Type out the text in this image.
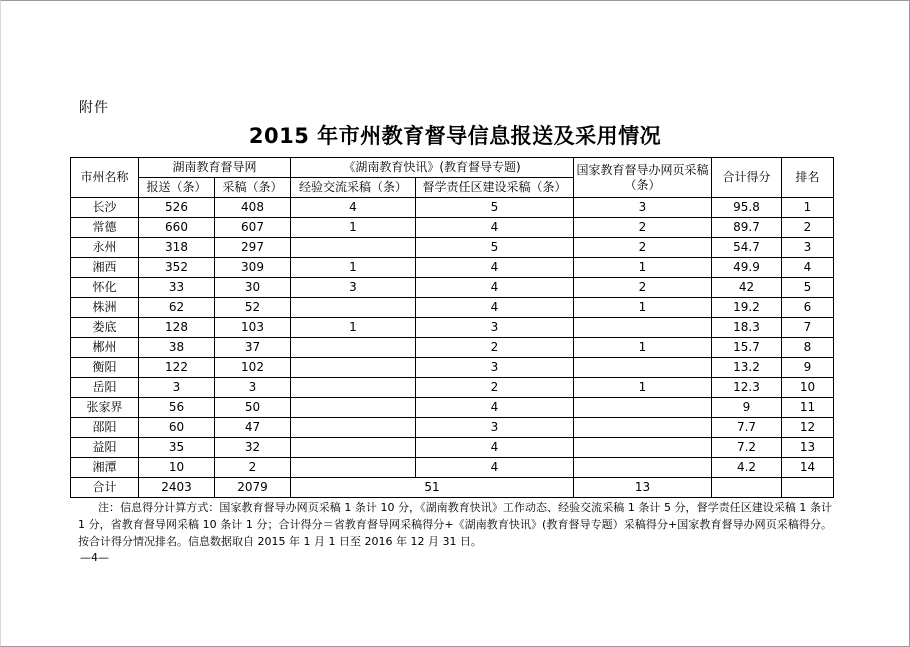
附件
2015 年市州教育督导信息报送及采用情况
市州名称	湖南教育督导网		《湖南教育快讯》(教育督导专题)		国家教育督导办网页采稿（条）	合计得分	排名
	报送（条）	采稿（条）	经验交流采稿（条）	督学责任区建设采稿（条）			
长沙	526	408	4	5	3	95.8	1
常德	660	607	1	4	2	89.7	2
永州	318	297		5	2	54.7	3
湘西	352	309	1	4	1	49.9	4
怀化	33	30	3	4	2	42	5
株洲	62	52		4	1	19.2	6
娄底	128	103	1	3		18.3	7
郴州	38	37		2	1	15.7	8
衡阳	122	102		3		13.2	9
岳阳	3	3		2	1	12.3	10
张家界	56	50		4		9	11
邵阳	60	47		3		7.7	12
益阳	35	32		4		7.2	13
湘潭	10	2		4		4.2	14
合计	2403	2079	51		13		
注：信息得分计算方式：国家教育督导办网页采稿 1 条计 10 分，《湖南教育快讯》工作动态、经验交流采稿 1 条计 5 分，督学责任区建设采稿 1 条计 1 分，省教育督导网采稿 10 条计 1 分；合计得分＝省教育督导网采稿得分+《湖南教育快讯》(教育督导专题）采稿得分+国家教育督导办网页采稿得分。按合计得分情况排名。信息数据取自 2015 年 1 月 1 日至 2016 年 12 月 31 日。
—4—
